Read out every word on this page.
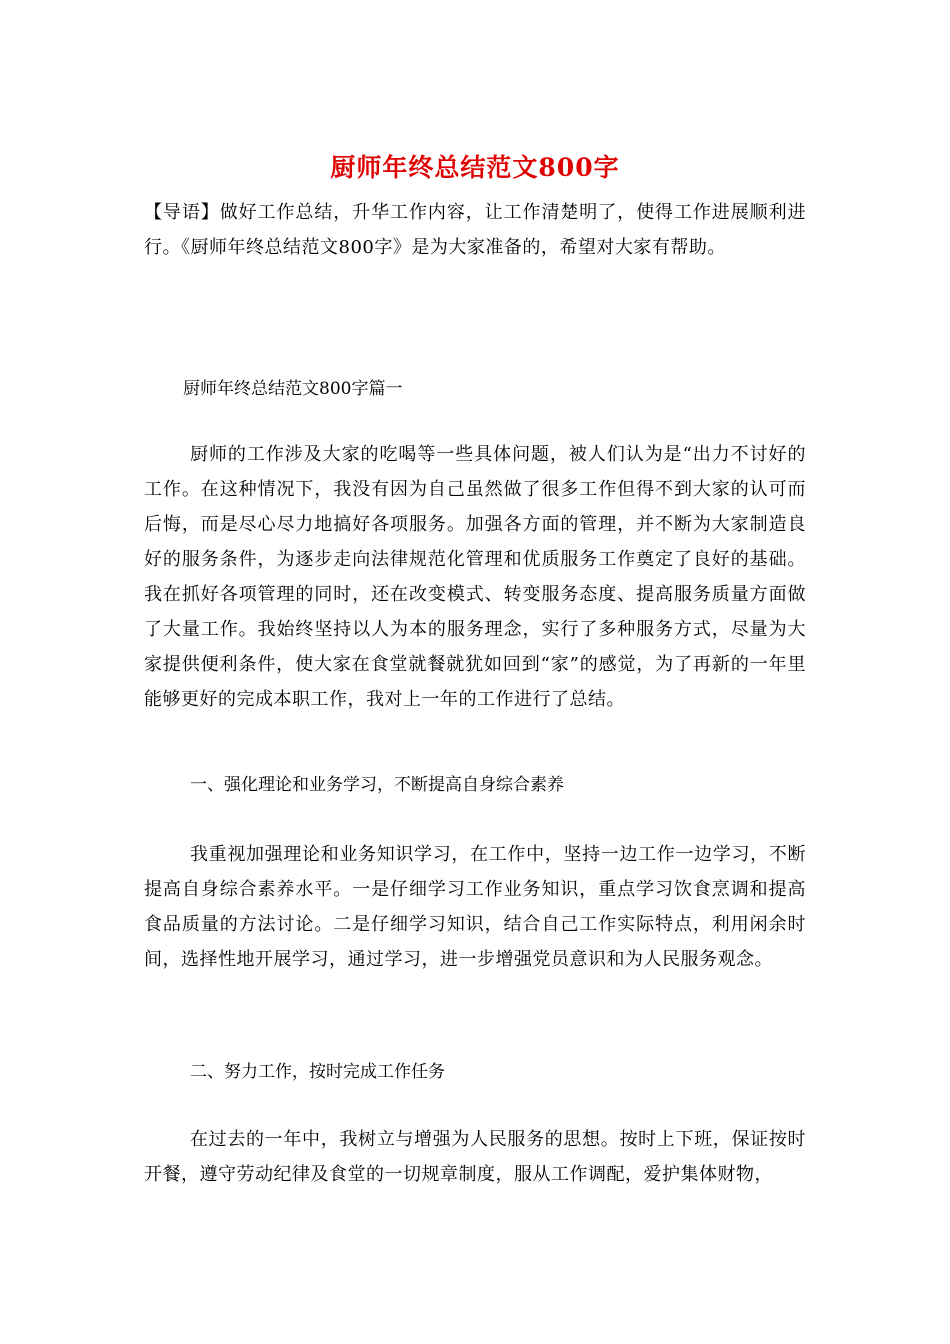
厨师年终总结范文800字

【导语】做好工作总结，升华工作内容，让工作清楚明了，使得工作进展顺利进行。《厨师年终总结范文800字》是为大家准备的，希望对大家有帮助。

厨师年终总结范文800字篇一

厨师的工作涉及大家的吃喝等一些具体问题，被人们认为是“出力不讨好的工作。在这种情况下，我没有因为自己虽然做了很多工作但得不到大家的认可而后悔，而是尽心尽力地搞好各项服务。加强各方面的管理，并不断为大家制造良好的服务条件，为逐步走向法律规范化管理和优质服务工作奠定了良好的基础。我在抓好各项管理的同时，还在改变模式、转变服务态度、提高服务质量方面做了大量工作。我始终坚持以人为本的服务理念，实行了多种服务方式，尽量为大家提供便利条件，使大家在食堂就餐就犹如回到“家”的感觉，为了再新的一年里能够更好的完成本职工作，我对上一年的工作进行了总结。

一、强化理论和业务学习，不断提高自身综合素养

我重视加强理论和业务知识学习，在工作中，坚持一边工作一边学习，不断提高自身综合素养水平。一是仔细学习工作业务知识，重点学习饮食烹调和提高食品质量的方法讨论。二是仔细学习知识，结合自己工作实际特点，利用闲余时间，选择性地开展学习，通过学习，进一步增强党员意识和为人民服务观念。

二、努力工作，按时完成工作任务

在过去的一年中，我树立与增强为人民服务的思想。按时上下班，保证按时开餐，遵守劳动纪律及食堂的一切规章制度，服从工作调配，爱护集体财物，
